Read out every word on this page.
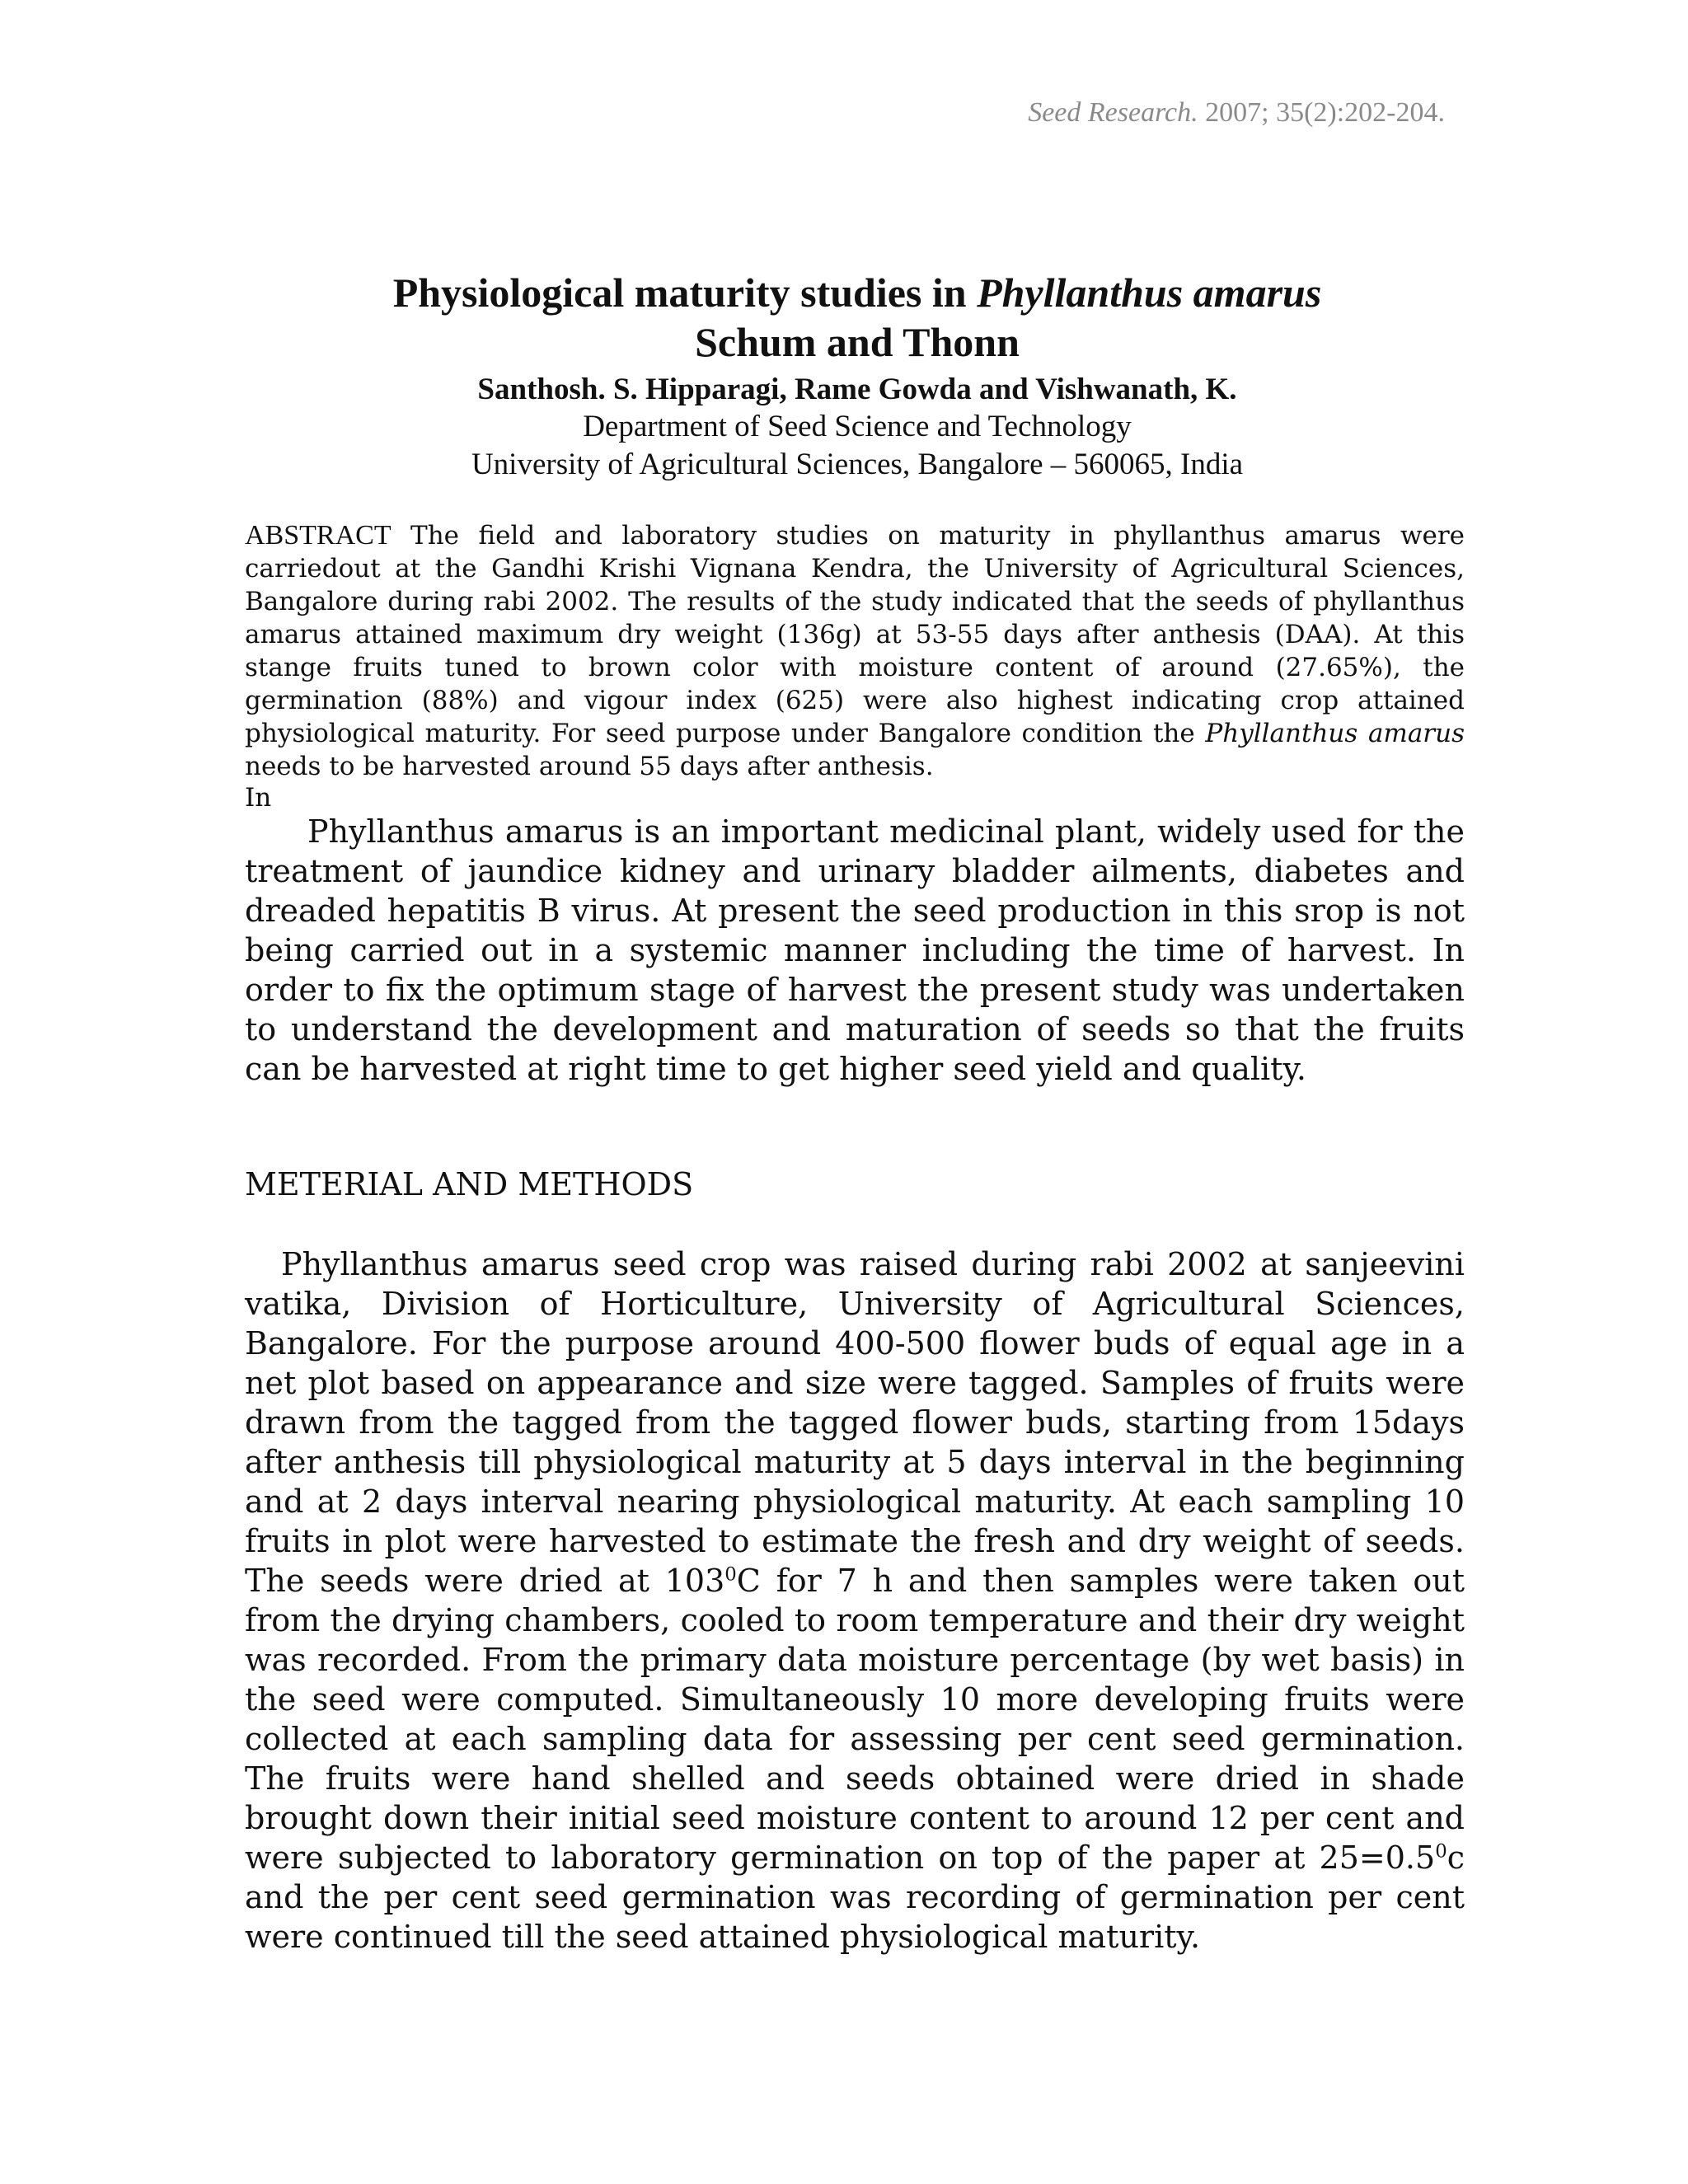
Seed Research. 2007; 35(2):202-204.
Physiological maturity studies in Phyllanthus amarus
Schum and Thonn
Santhosh. S. Hipparagi, Rame Gowda and Vishwanath, K.
Department of Seed Science and Technology
University of Agricultural Sciences, Bangalore – 560065, India

ABSTRACT The field and laboratory studies on maturity in phyllanthus amarus were carriedout at the Gandhi Krishi Vignana Kendra, the University of Agricultural Sciences, Bangalore during rabi 2002. The results of the study indicated that the seeds of phyllanthus amarus attained maximum dry weight (136g) at 53-55 days after anthesis (DAA). At this stange fruits tuned to brown color with moisture content of around (27.65%), the germination (88%) and vigour index (625) were also highest indicating crop attained physiological maturity. For seed purpose under Bangalore condition the Phyllanthus amarus needs to be harvested around 55 days after anthesis.

In

Phyllanthus amarus is an important medicinal plant, widely used for the treatment of jaundice kidney and urinary bladder ailments, diabetes and dreaded hepatitis B virus. At present the seed production in this srop is not being carried out in a systemic manner including the time of harvest. In order to fix the optimum stage of harvest the present study was undertaken to understand the development and maturation of seeds so that the fruits can be harvested at right time to get higher seed yield and quality.

METERIAL AND METHODS

Phyllanthus amarus seed crop was raised during rabi 2002 at sanjeevini vatika, Division of Horticulture, University of Agricultural Sciences, Bangalore. For the purpose around 400-500 flower buds of equal age in a net plot based on appearance and size were tagged. Samples of fruits were drawn from the tagged from the tagged flower buds, starting from 15days after anthesis till physiological maturity at 5 days interval in the beginning and at 2 days interval nearing physiological maturity. At each sampling 10 fruits in plot were harvested to estimate the fresh and dry weight of seeds. The seeds were dried at $103^0C$ for 7 h and then samples were taken out from the drying chambers, cooled to room temperature and their dry weight was recorded. From the primary data moisture percentage (by wet basis) in the seed were computed. Simultaneously 10 more developing fruits were collected at each sampling data for assessing per cent seed germination. The fruits were hand shelled and seeds obtained were dried in shade brought down their initial seed moisture content to around 12 per cent and were subjected to laboratory germination on top of the paper at $25=0.5^0c$ and the per cent seed germination was recording of germination per cent were continued till the seed attained physiological maturity.
